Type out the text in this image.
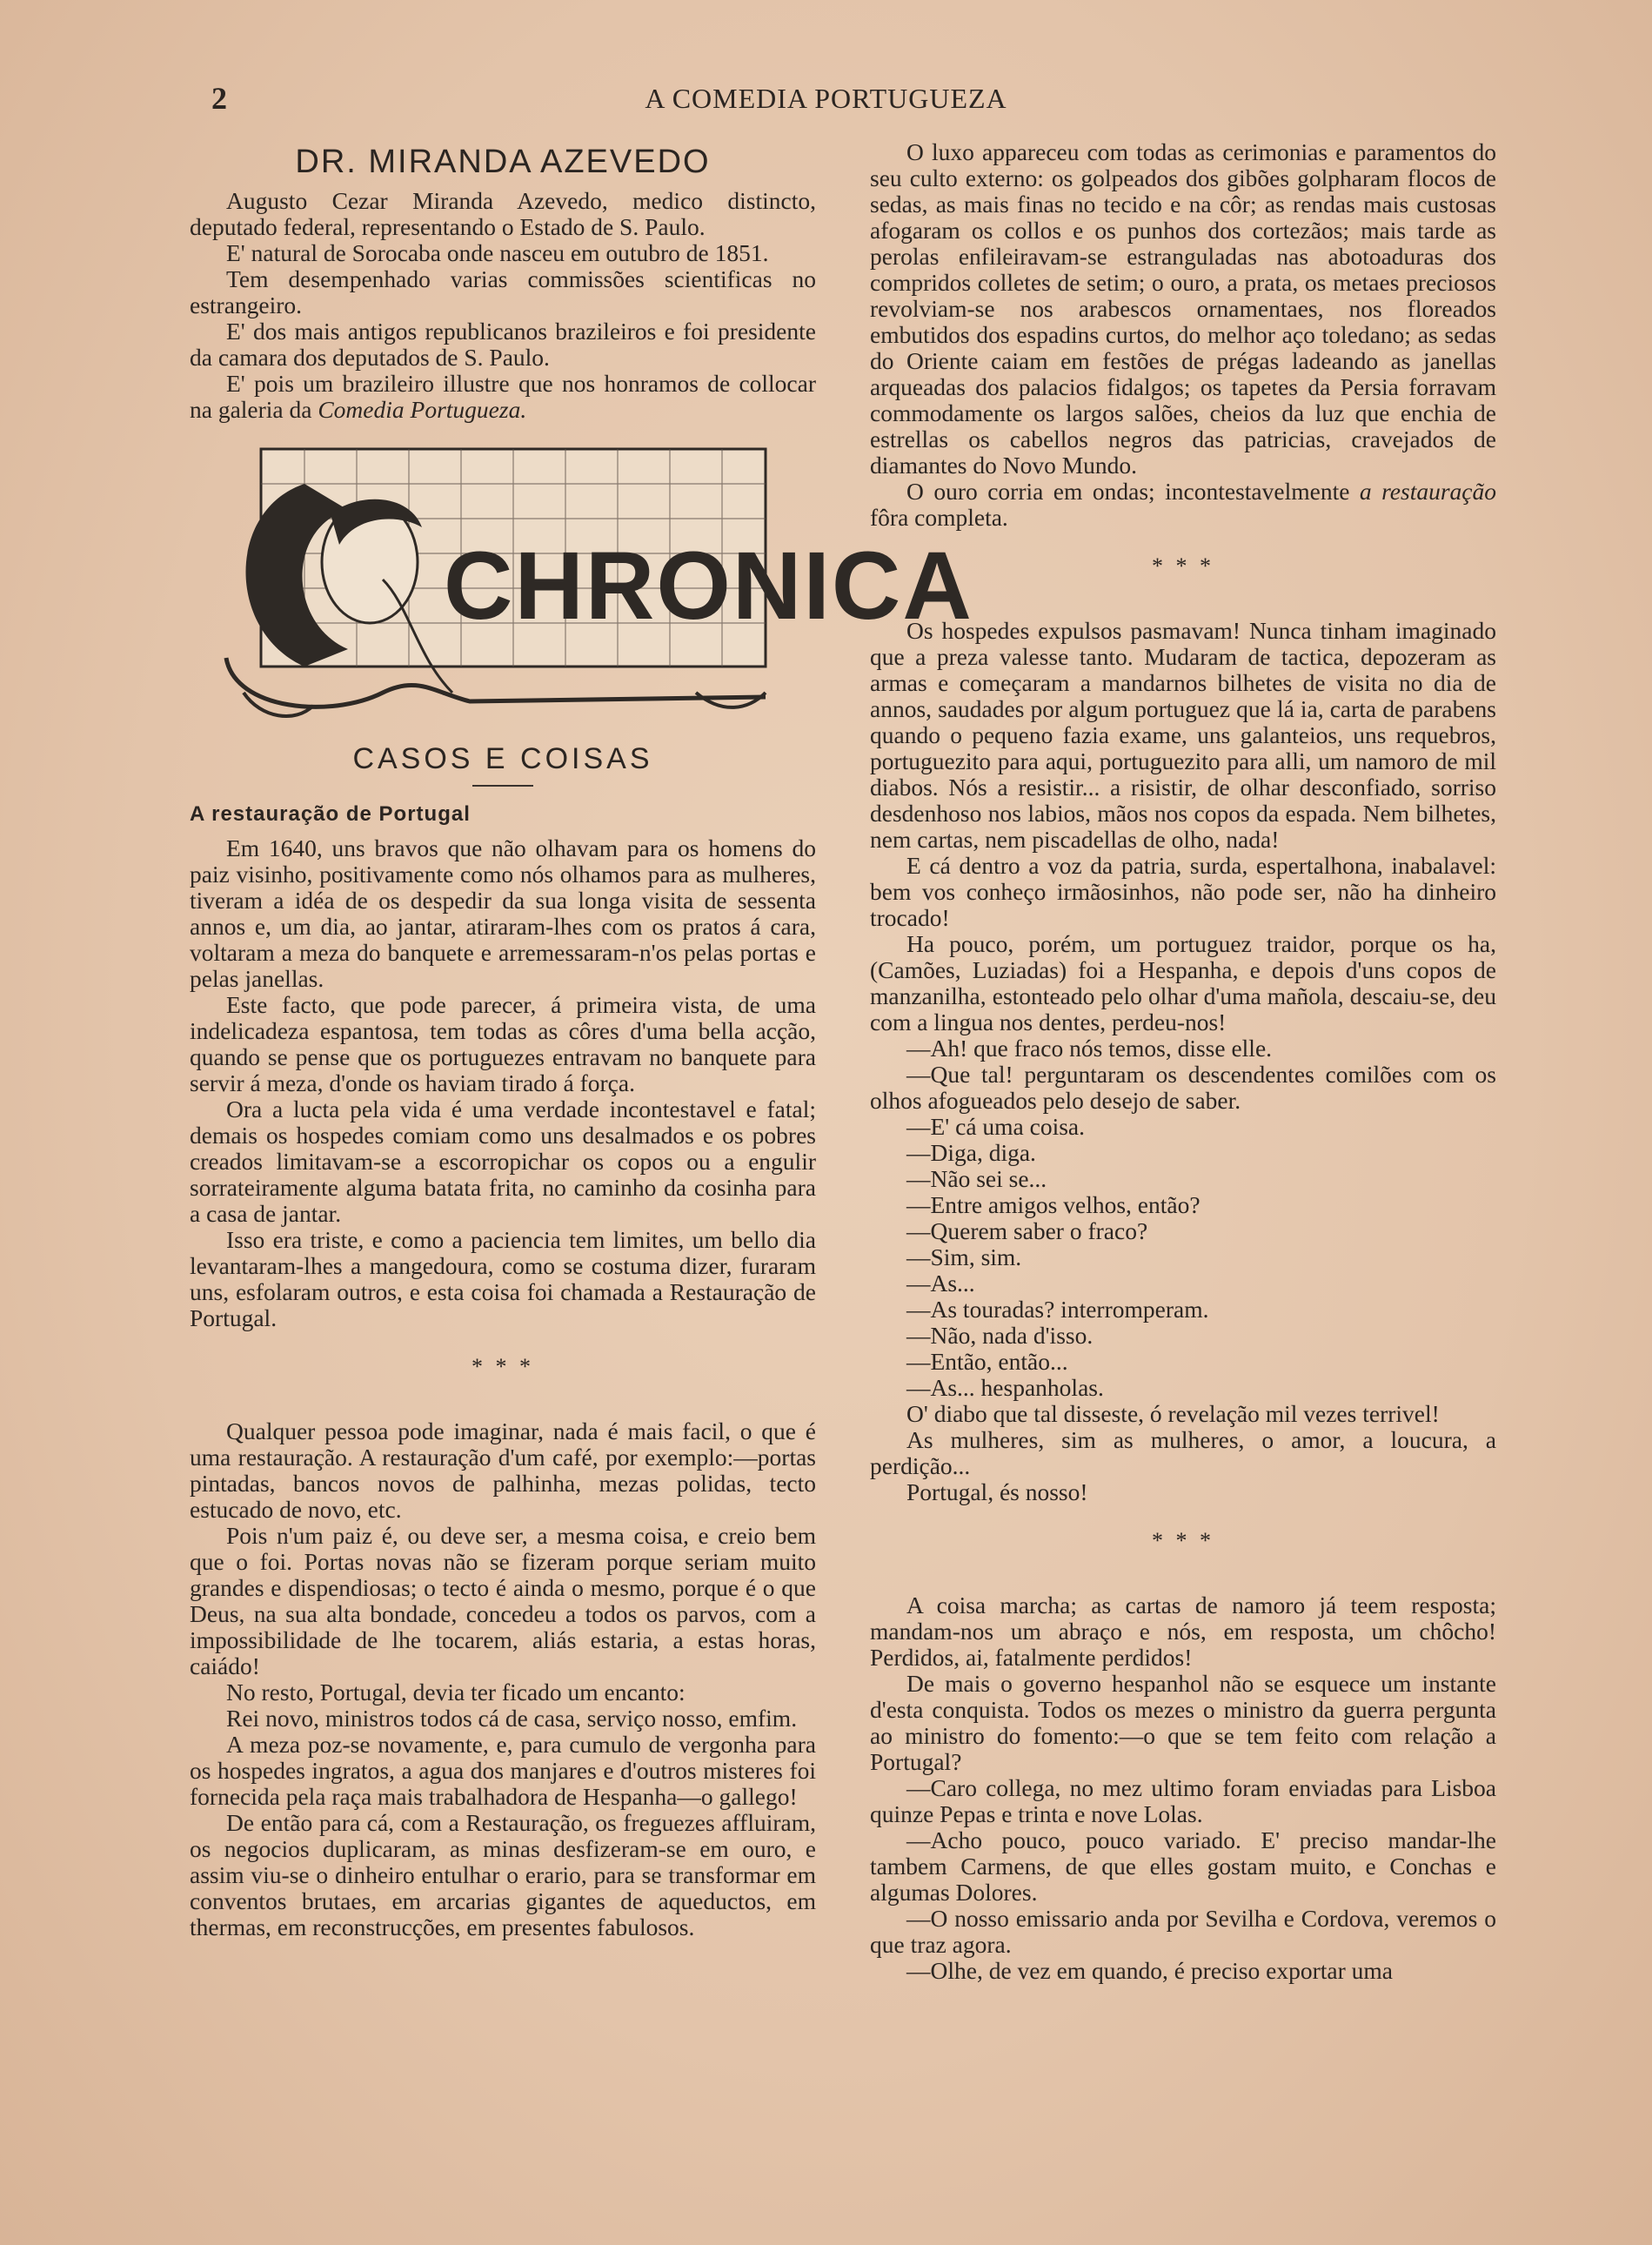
2	A COMEDIA PORTUGUEZA
DR. MIRANDA AZEVEDO

Augusto Cezar Miranda Azevedo, medico distincto, deputado federal, representando o Estado de S. Paulo.

E' natural de Sorocaba onde nasceu em outubro de 1851.

Tem desempenhado varias commissões scientificas no estrangeiro.

E' dos mais antigos republicanos brazileiros e foi presidente da camara dos deputados de S. Paulo.

E' pois um brazileiro illustre que nos honramos de collocar na galeria da Comedia Portugueza.

CHRONICA
CASOS E COISAS
A restauração de Portugal

Em 1640, uns bravos que não olhavam para os homens do paiz visinho, positivamente como nós olhamos para as mulheres, tiveram a idéa de os despedir da sua longa visita de sessenta annos e, um dia, ao jantar, atiraram-lhes com os pratos á cara, voltaram a meza do banquete e arremessaram-n'os pelas portas e pelas janellas.

Este facto, que pode parecer, á primeira vista, de uma indelicadeza espantosa, tem todas as côres d'uma bella acção, quando se pense que os portuguezes entravam no banquete para servir á meza, d'onde os haviam tirado á força.

Ora a lucta pela vida é uma verdade incontestavel e fatal; demais os hospedes comiam como uns desalmados e os pobres creados limitavam-se a escorropichar os copos ou a engulir sorrateiramente alguma batata frita, no caminho da cosinha para a casa de jantar.

Isso era triste, e como a paciencia tem limites, um bello dia levantaram-lhes a mangedoura, como se costuma dizer, furaram uns, esfolaram outros, e esta coisa foi chamada a Restauração de Portugal.

* * *

Qualquer pessoa pode imaginar, nada é mais facil, o que é uma restauração. A restauração d'um café, por exemplo:—portas pintadas, bancos novos de palhinha, mezas polidas, tecto estucado de novo, etc.

Pois n'um paiz é, ou deve ser, a mesma coisa, e creio bem que o foi. Portas novas não se fizeram porque seriam muito grandes e dispendiosas; o tecto é ainda o mesmo, porque é o que Deus, na sua alta bondade, concedeu a todos os parvos, com a impossibilidade de lhe tocarem, aliás estaria, a estas horas, caiádo!

No resto, Portugal, devia ter ficado um encanto:

Rei novo, ministros todos cá de casa, serviço nosso, emfim.

A meza poz-se novamente, e, para cumulo de vergonha para os hospedes ingratos, a agua dos manjares e d'outros misteres foi fornecida pela raça mais trabalhadora de Hespanha—o gallego!

De então para cá, com a Restauração, os freguezes affluiram, os negocios duplicaram, as minas desfizeram-se em ouro, e assim viu-se o dinheiro entulhar o erario, para se transformar em conventos brutaes, em arcarias gigantes de aqueductos, em thermas, em reconstrucções, em presentes fabulosos.

O luxo appareceu com todas as cerimonias e paramentos do seu culto externo: os golpeados dos gibões golpharam flocos de sedas, as mais finas no tecido e na côr; as rendas mais custosas afogaram os collos e os punhos dos cortezãos; mais tarde as perolas enfileiravam-se estranguladas nas abotoaduras dos compridos colletes de setim; o ouro, a prata, os metaes preciosos revolviam-se nos arabescos ornamentaes, nos floreados embutidos dos espadins curtos, do melhor aço toledano; as sedas do Oriente caiam em festões de prégas ladeando as janellas arqueadas dos palacios fidalgos; os tapetes da Persia forravam commodamente os largos salões, cheios da luz que enchia de estrellas os cabellos negros das patricias, cravejados de diamantes do Novo Mundo.

O ouro corria em ondas; incontestavelmente a restauração fôra completa.

* * *

Os hospedes expulsos pasmavam! Nunca tinham imaginado que a preza valesse tanto. Mudaram de tactica, depozeram as armas e começaram a mandarnos bilhetes de visita no dia de annos, saudades por algum portuguez que lá ia, carta de parabens quando o pequeno fazia exame, uns galanteios, uns requebros, portuguezito para aqui, portuguezito para alli, um namoro de mil diabos. Nós a resistir... a risistir, de olhar desconfiado, sorriso desdenhoso nos labios, mãos nos copos da espada. Nem bilhetes, nem cartas, nem piscadellas de olho, nada!

E cá dentro a voz da patria, surda, espertalhona, inabalavel: bem vos conheço irmãosinhos, não pode ser, não ha dinheiro trocado!

Ha pouco, porém, um portuguez traidor, porque os ha, (Camões, Luziadas) foi a Hespanha, e depois d'uns copos de manzanilha, estonteado pelo olhar d'uma mañola, descaiu-se, deu com a lingua nos dentes, perdeu-nos!

—Ah! que fraco nós temos, disse elle.

—Que tal! perguntaram os descendentes comilões com os olhos afogueados pelo desejo de saber.

—E' cá uma coisa.

—Diga, diga.

—Não sei se...

—Entre amigos velhos, então?

—Querem saber o fraco?

—Sim, sim.

—As...

—As touradas? interromperam.

—Não, nada d'isso.

—Então, então...

—As... hespanholas.

O' diabo que tal disseste, ó revelação mil vezes terrivel!

As mulheres, sim as mulheres, o amor, a loucura, a perdição...

Portugal, és nosso!

* * *

A coisa marcha; as cartas de namoro já teem resposta; mandam-nos um abraço e nós, em resposta, um chôcho! Perdidos, ai, fatalmente perdidos!

De mais o governo hespanhol não se esquece um instante d'esta conquista. Todos os mezes o ministro da guerra pergunta ao ministro do fomento:—o que se tem feito com relação a Portugal?

—Caro collega, no mez ultimo foram enviadas para Lisboa quinze Pepas e trinta e nove Lolas.

—Acho pouco, pouco variado. E' preciso mandar-lhe tambem Carmens, de que elles gostam muito, e Conchas e algumas Dolores.

—O nosso emissario anda por Sevilha e Cordova, veremos o que traz agora.

—Olhe, de vez em quando, é preciso exportar uma
